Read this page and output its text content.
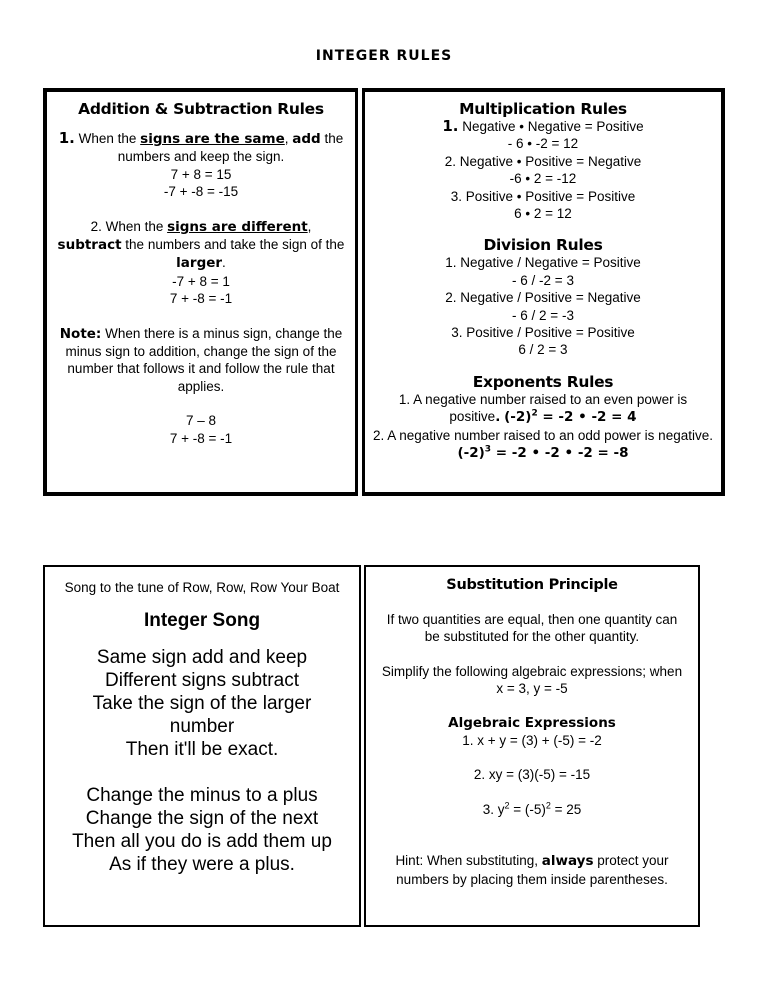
INTEGER RULES
Addition & Subtraction Rules
1. When the signs are the same, add the numbers and keep the sign.
7 + 8 = 15
-7 + -8 = -15
2. When the signs are different, subtract the numbers and take the sign of the larger.
-7 + 8 = 1
7 + -8 = -1
Note: When there is a minus sign, change the minus sign to addition, change the sign of the number that follows it and follow the rule that applies.
7 – 8
7 + -8 = -1
Multiplication Rules
1. Negative • Negative = Positive
- 6 • -2 = 12
2. Negative • Positive = Negative
-6 • 2 = -12
3. Positive • Positive = Positive
6 • 2 = 12
Division Rules
1. Negative / Negative = Positive
- 6 / -2 = 3
2. Negative / Positive = Negative
- 6 / 2 = -3
3. Positive / Positive = Positive
6 / 2 = 3
Exponents Rules
1. A negative number raised to an even power is positive. $(-2)^2 = -2$ • -2 = 4
2. A negative number raised to an odd power is negative. $(-2)^3 = -2$ • -2 • -2 = -8
Song to the tune of Row, Row, Row Your Boat
Integer Song
Same sign add and keep
Different signs subtract
Take the sign of the larger number
Then it'll be exact.
Change the minus to a plus
Change the sign of the next
Then all you do is add them up
As if they were a plus.
Substitution Principle
If two quantities are equal, then one quantity can be substituted for the other quantity.
Simplify the following algebraic expressions; when x = 3, y = -5
Algebraic Expressions
1. x + y = (3) + (-5) = -2
2. xy = (3)(-5) = -15
3. $y^2 = (-5)^2 = 25$
Hint: When substituting, always protect your numbers by placing them inside parentheses.
